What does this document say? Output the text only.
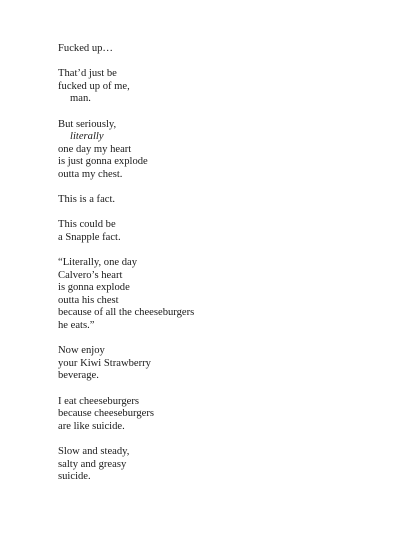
Fucked up…
That’d just be
fucked up of me,
man.
But seriously,
literally
one day my heart
is just gonna explode
outta my chest.
This is a fact.
This could be
a Snapple fact.
“Literally, one day
Calvero’s heart
is gonna explode
outta his chest
because of all the cheeseburgers
he eats.”
Now enjoy
your Kiwi Strawberry
beverage.
I eat cheeseburgers
because cheeseburgers
are like suicide.
Slow and steady,
salty and greasy
suicide.
